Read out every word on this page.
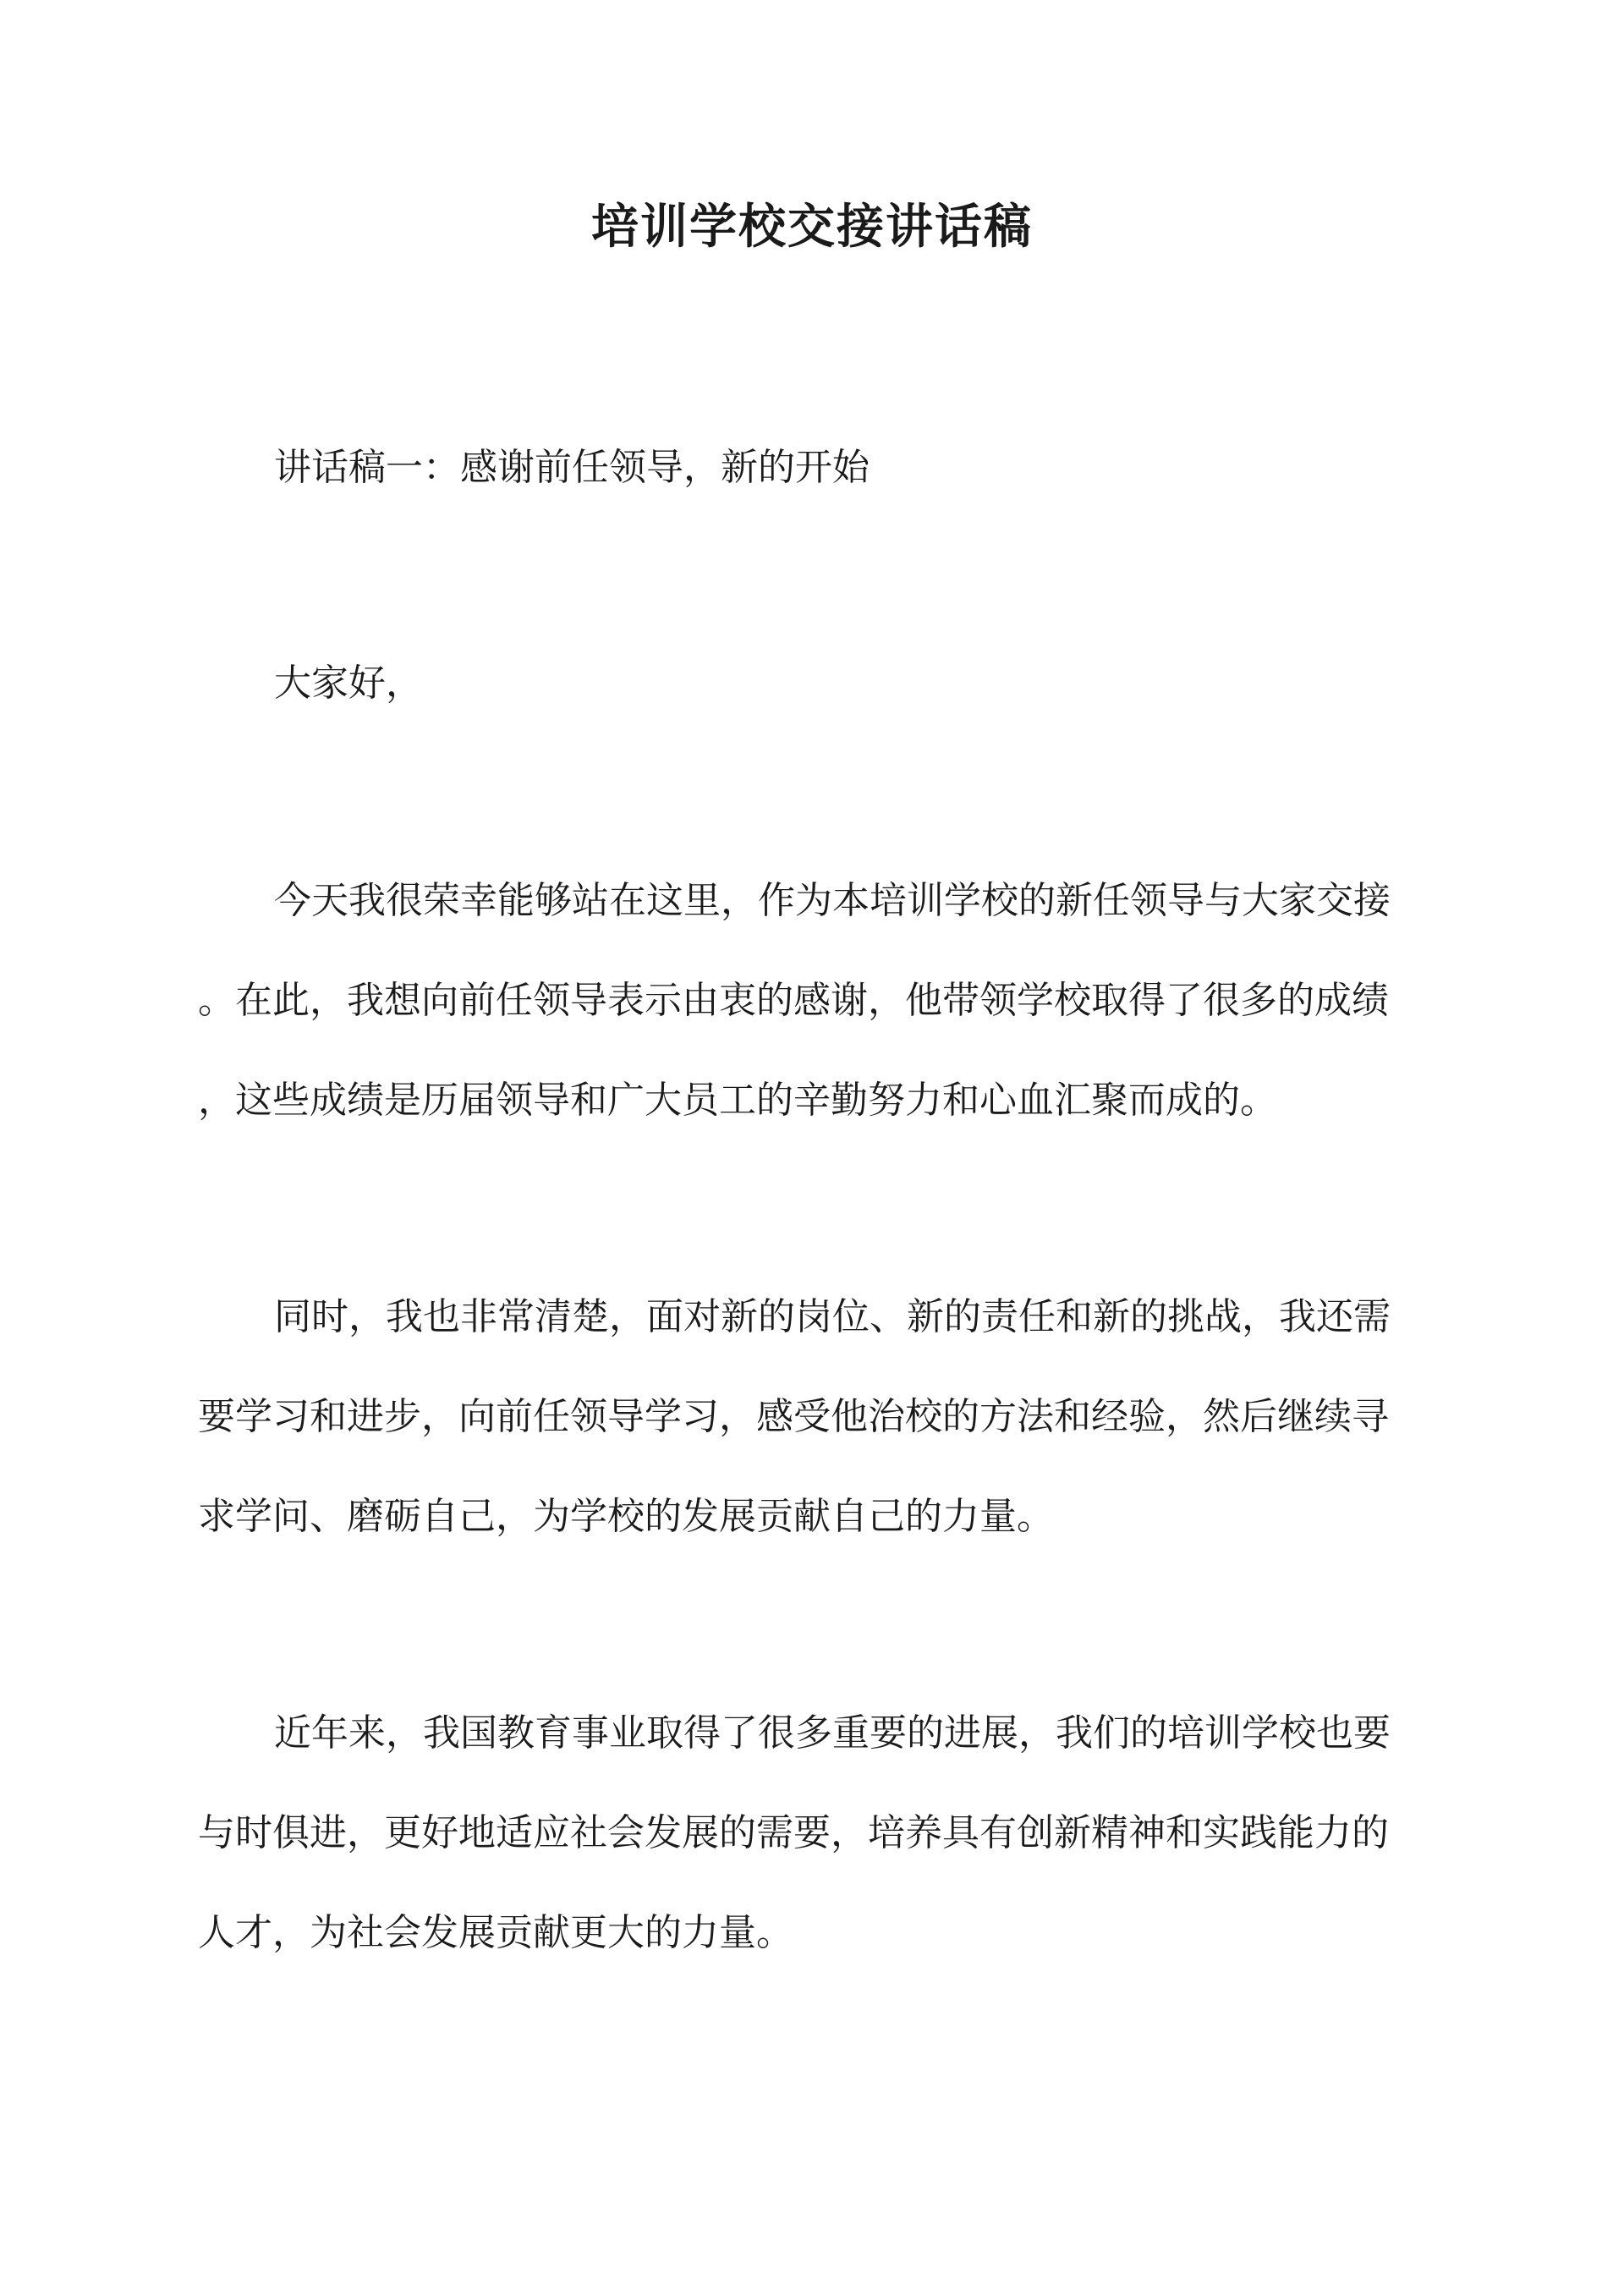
培训学校交接讲话稿
讲话稿一：感谢前任领导，新的开始
大家好，
今天我很荣幸能够站在这里，作为本培训学校的新任领导与大家交接
。在此，我想向前任领导表示由衷的感谢，他带领学校取得了很多的成绩
，这些成绩是历届领导和广大员工的辛勤努力和心血汇聚而成的。
同时，我也非常清楚，面对新的岗位、新的责任和新的挑战，我还需
要学习和进步，向前任领导学习，感受他治校的方法和经验，然后继续寻
求学问、磨砺自己，为学校的发展贡献自己的力量。
近年来，我国教育事业取得了很多重要的进展，我们的培训学校也要
与时俱进，更好地适应社会发展的需要，培养具有创新精神和实践能力的
人才，为社会发展贡献更大的力量。
